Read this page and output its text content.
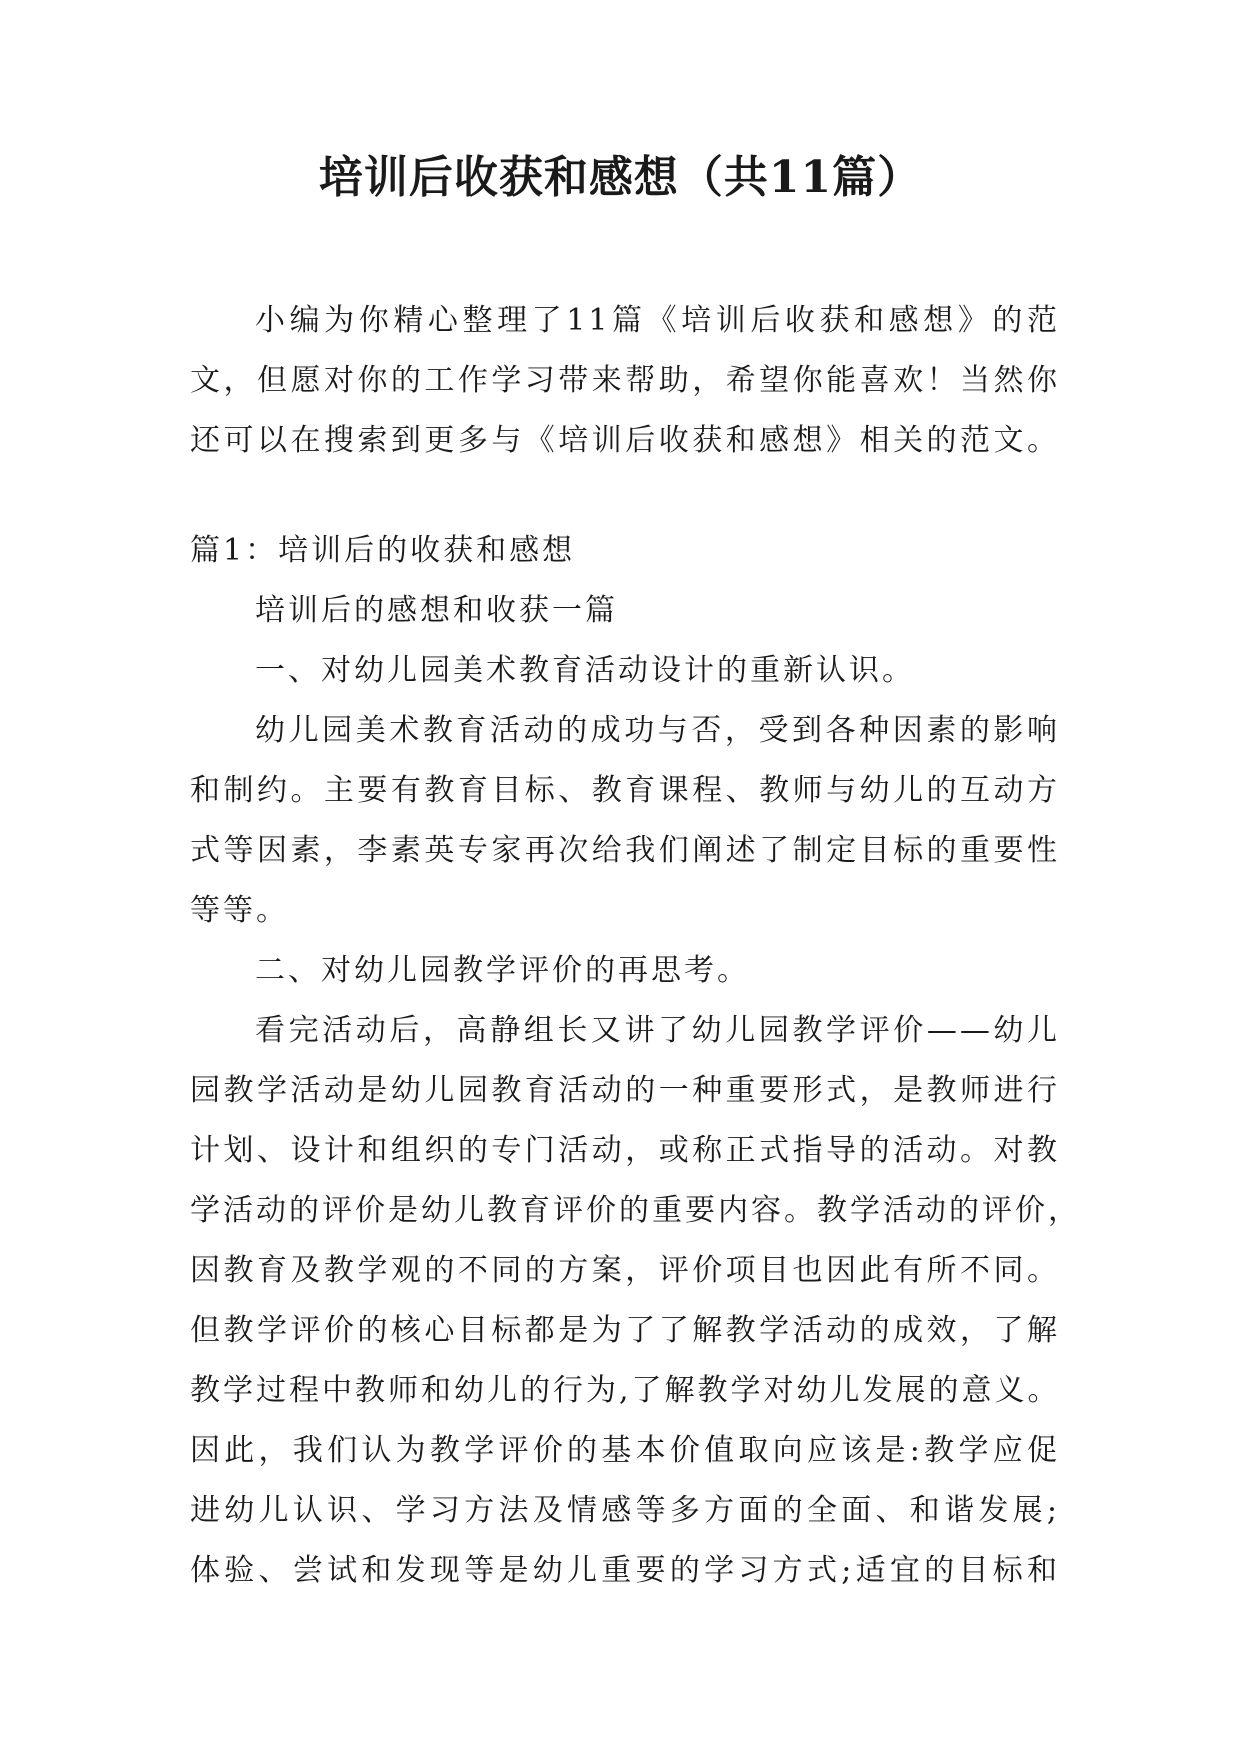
培训后收获和感想（共11篇）
小编为你精心整理了11篇《培训后收获和感想》的范
文，但愿对你的工作学习带来帮助，希望你能喜欢！当然你
还可以在搜索到更多与《培训后收获和感想》相关的范文。
篇1：培训后的收获和感想
培训后的感想和收获一篇
一、对幼儿园美术教育活动设计的重新认识。
幼儿园美术教育活动的成功与否，受到各种因素的影响
和制约。主要有教育目标、教育课程、教师与幼儿的互动方
式等因素，李素英专家再次给我们阐述了制定目标的重要性
等等。
二、对幼儿园教学评价的再思考。
看完活动后，高静组长又讲了幼儿园教学评价——幼儿
园教学活动是幼儿园教育活动的一种重要形式，是教师进行
计划、设计和组织的专门活动，或称正式指导的活动。对教
学活动的评价是幼儿教育评价的重要内容。教学活动的评价，
因教育及教学观的不同的方案，评价项目也因此有所不同。
但教学评价的核心目标都是为了了解教学活动的成效，了解
教学过程中教师和幼儿的行为,了解教学对幼儿发展的意义。
因此，我们认为教学评价的基本价值取向应该是:教学应促
进幼儿认识、学习方法及情感等多方面的全面、和谐发展;
体验、尝试和发现等是幼儿重要的学习方式;适宜的目标和
